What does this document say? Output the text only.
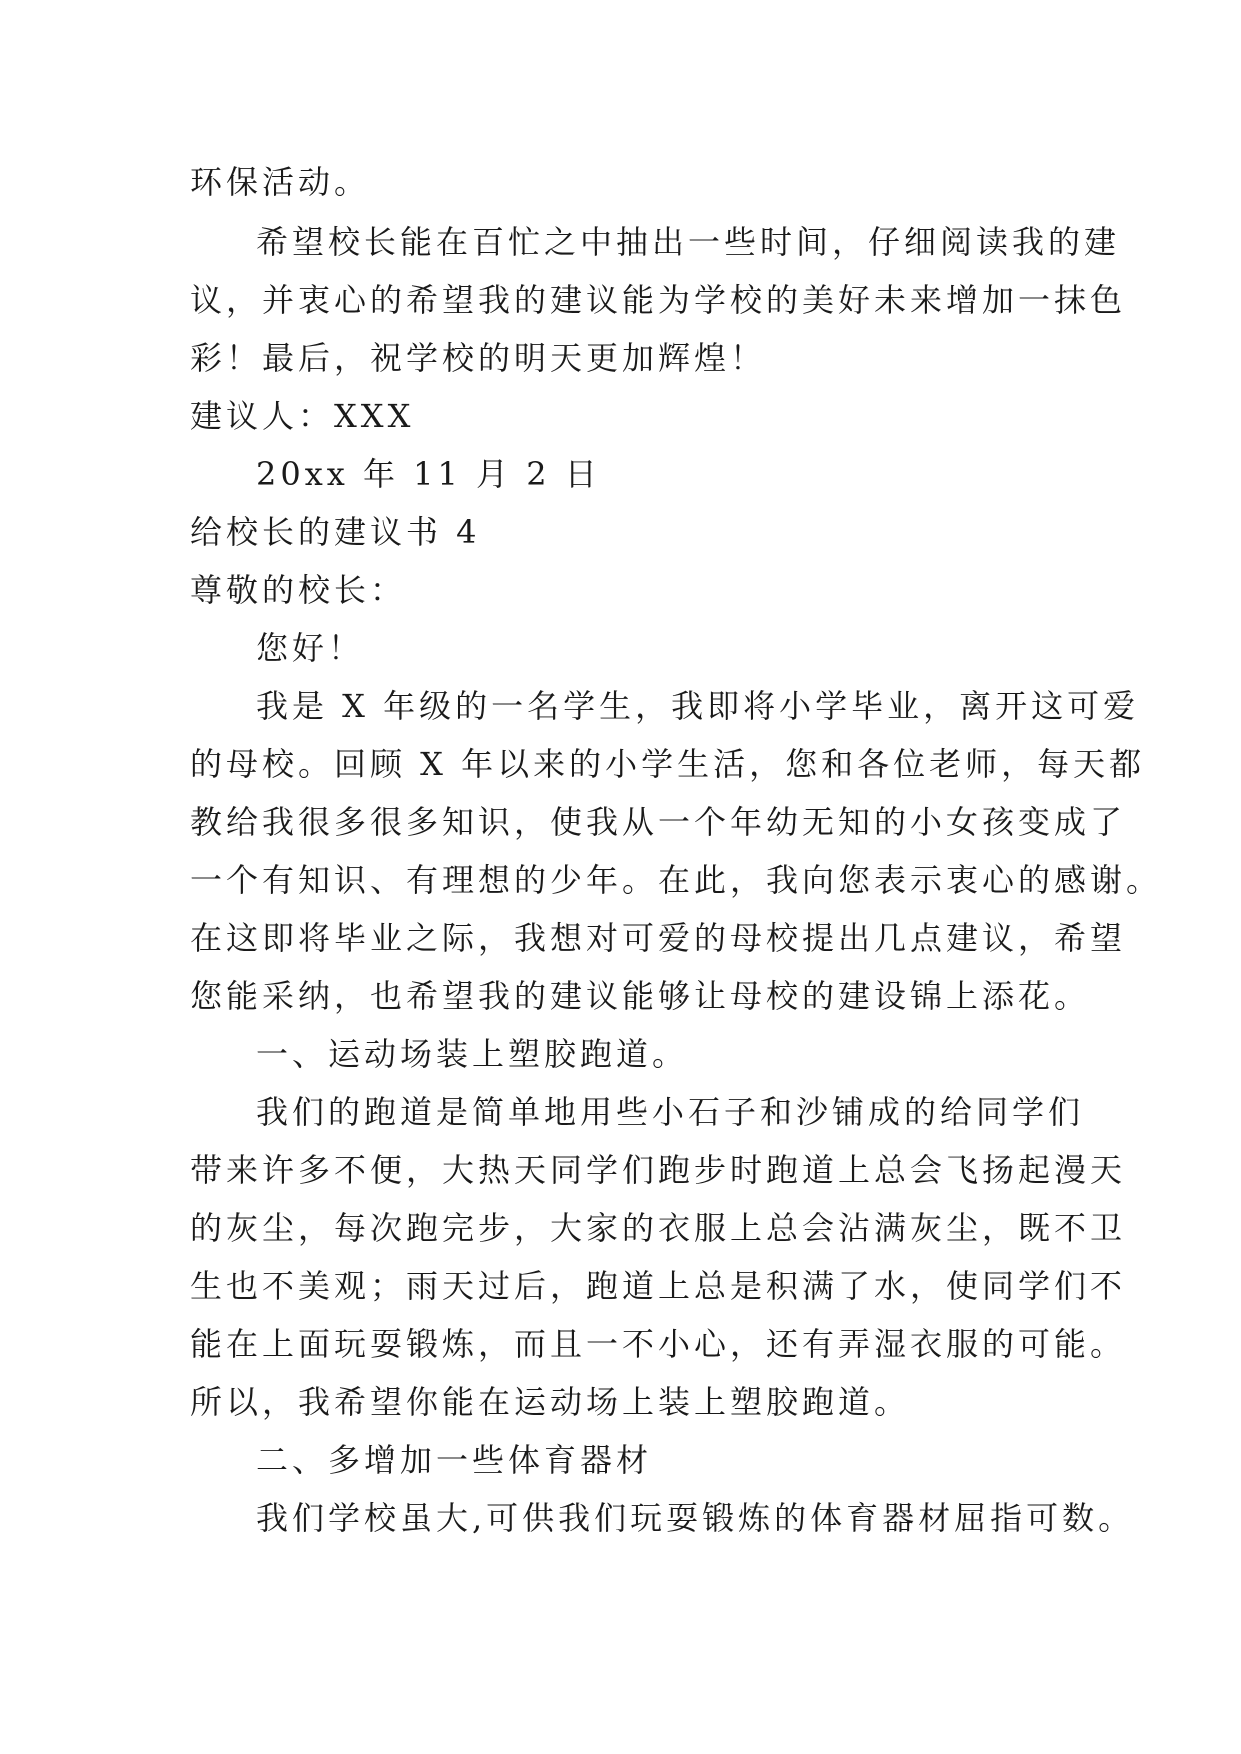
环保活动。
希望校长能在百忙之中抽出一些时间，仔细阅读我的建
议，并衷心的希望我的建议能为学校的美好未来增加一抹色
彩！最后，祝学校的明天更加辉煌！
建议人：XXX
20xx 年 11 月 2 日
给校长的建议书 4
尊敬的校长：
您好！
我是 X 年级的一名学生，我即将小学毕业，离开这可爱
的母校。回顾 X 年以来的小学生活，您和各位老师，每天都
教给我很多很多知识，使我从一个年幼无知的小女孩变成了
一个有知识、有理想的少年。在此，我向您表示衷心的感谢。
在这即将毕业之际，我想对可爱的母校提出几点建议，希望
您能采纳，也希望我的建议能够让母校的建设锦上添花。
一、运动场装上塑胶跑道。
我们的跑道是简单地用些小石子和沙铺成的给同学们
带来许多不便，大热天同学们跑步时跑道上总会飞扬起漫天
的灰尘，每次跑完步，大家的衣服上总会沾满灰尘，既不卫
生也不美观；雨天过后，跑道上总是积满了水，使同学们不
能在上面玩耍锻炼，而且一不小心，还有弄湿衣服的可能。
所以，我希望你能在运动场上装上塑胶跑道。
二、多增加一些体育器材
我们学校虽大,可供我们玩耍锻炼的体育器材屈指可数。
